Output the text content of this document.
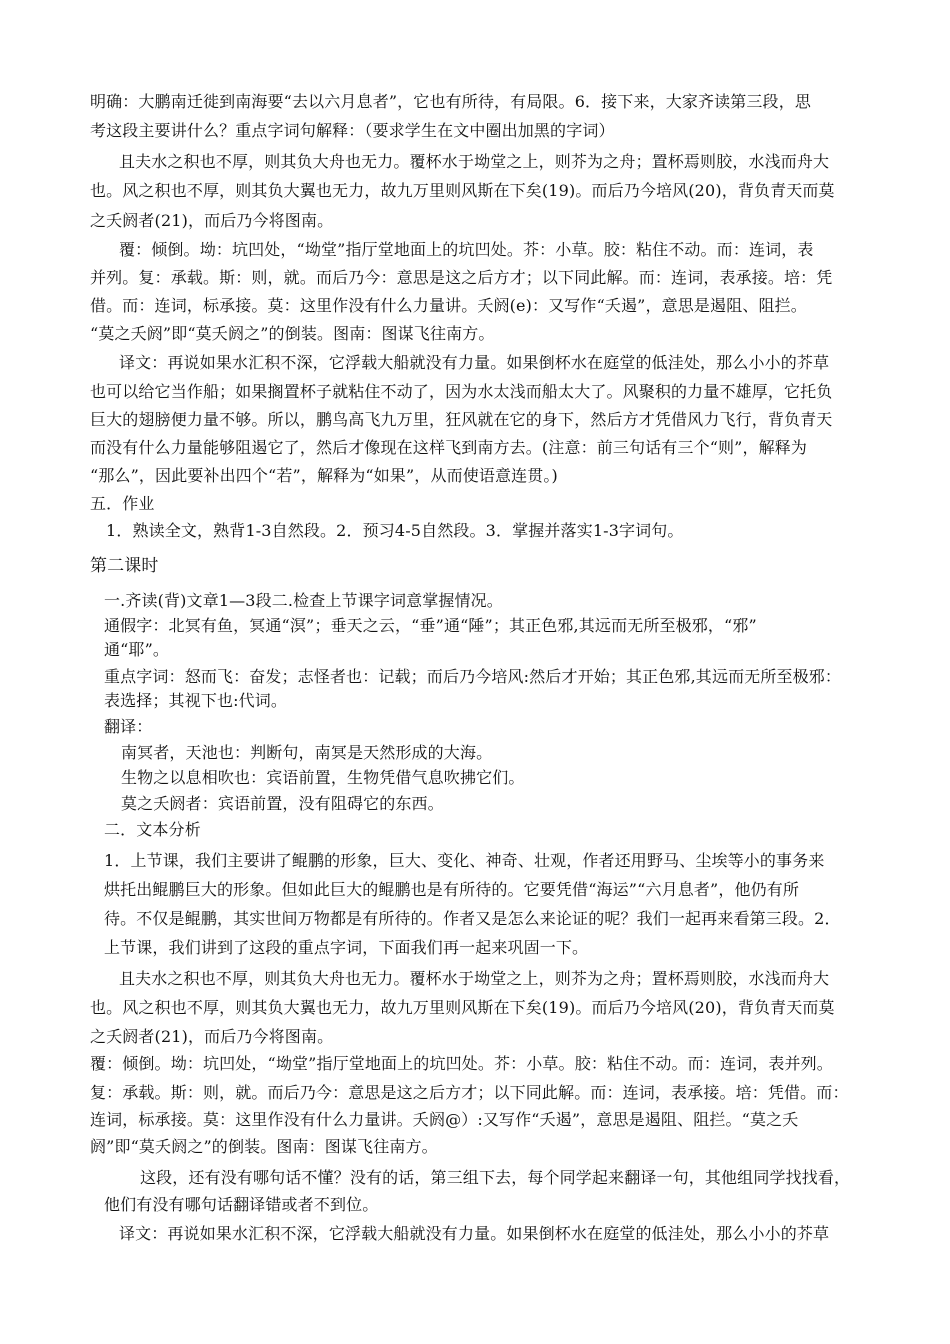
明确：大鹏南迁徙到南海要“去以六月息者”，它也有所待，有局限。6．接下来，大家齐读第三段，思
考这段主要讲什么？重点字词句解释：（要求学生在文中圈出加黑的字词）
且夫水之积也不厚，则其负大舟也无力。覆杯水于坳堂之上，则芥为之舟；置杯焉则胶，水浅而舟大
也。风之积也不厚，则其负大翼也无力，故九万里则风斯在下矣(19)。而后乃今培风(20)，背负青天而莫
之夭阏者(21)，而后乃今将图南。
覆：倾倒。坳：坑凹处，“坳堂”指厅堂地面上的坑凹处。芥：小草。胶：粘住不动。而：连词，表
并列。复：承载。斯：则，就。而后乃今：意思是这之后方才；以下同此解。而：连词，表承接。培：凭
借。而：连词，标承接。莫：这里作没有什么力量讲。夭阏(e)：又写作“夭遏”，意思是遏阻、阻拦。
“莫之夭阏”即“莫夭阏之”的倒装。图南：图谋飞往南方。
译文：再说如果水汇积不深，它浮载大船就没有力量。如果倒杯水在庭堂的低洼处，那么小小的芥草
也可以给它当作船；如果搁置杯子就粘住不动了，因为水太浅而船太大了。风聚积的力量不雄厚，它托负
巨大的翅膀便力量不够。所以，鹏鸟高飞九万里，狂风就在它的身下，然后方才凭借风力飞行，背负青天
而没有什么力量能够阻遏它了，然后才像现在这样飞到南方去。(注意：前三句话有三个“则”，解释为
“那么”，因此要补出四个“若”，解释为“如果”，从而使语意连贯。)
五．作业
1．熟读全文，熟背1-3自然段。2．预习4-5自然段。3．掌握并落实1-3字词句。
第二课时
一.齐读(背)文章1—3段二.检查上节课字词意掌握情况。
通假字：北冥有鱼，冥通“溟”；垂天之云，“垂”通“陲”；其正色邪,其远而无所至极邪，“邪”
通“耶”。
重点字词：怒而飞：奋发；志怪者也：记载；而后乃今培风:然后才开始；其正色邪,其远而无所至极邪：
表选择；其视下也:代词。
翻译：
南冥者，天池也：判断句，南冥是天然形成的大海。
生物之以息相吹也：宾语前置，生物凭借气息吹拂它们。
莫之夭阏者：宾语前置，没有阻碍它的东西。
二．文本分析
1．上节课，我们主要讲了鲲鹏的形象，巨大、变化、神奇、壮观，作者还用野马、尘埃等小的事务来
烘托出鲲鹏巨大的形象。但如此巨大的鲲鹏也是有所待的。它要凭借“海运”“六月息者”，他仍有所
待。不仅是鲲鹏，其实世间万物都是有所待的。作者又是怎么来论证的呢？我们一起再来看第三段。2．
上节课，我们讲到了这段的重点字词，下面我们再一起来巩固一下。
且夫水之积也不厚，则其负大舟也无力。覆杯水于坳堂之上，则芥为之舟；置杯焉则胶，水浅而舟大
也。风之积也不厚，则其负大翼也无力，故九万里则风斯在下矣(19)。而后乃今培风(20)，背负青天而莫
之夭阏者(21)，而后乃今将图南。
覆：倾倒。坳：坑凹处，“坳堂”指厅堂地面上的坑凹处。芥：小草。胶：粘住不动。而：连词，表并列。
复：承载。斯：则，就。而后乃今：意思是这之后方才；以下同此解。而：连词，表承接。培：凭借。而：
连词，标承接。莫：这里作没有什么力量讲。夭阏@）:又写作“夭遏”，意思是遏阻、阻拦。“莫之夭
阏”即“莫夭阏之”的倒装。图南：图谋飞往南方。
这段，还有没有哪句话不懂？没有的话，第三组下去，每个同学起来翻译一句，其他组同学找找看，
他们有没有哪句话翻译错或者不到位。
译文：再说如果水汇积不深，它浮载大船就没有力量。如果倒杯水在庭堂的低洼处，那么小小的芥草
